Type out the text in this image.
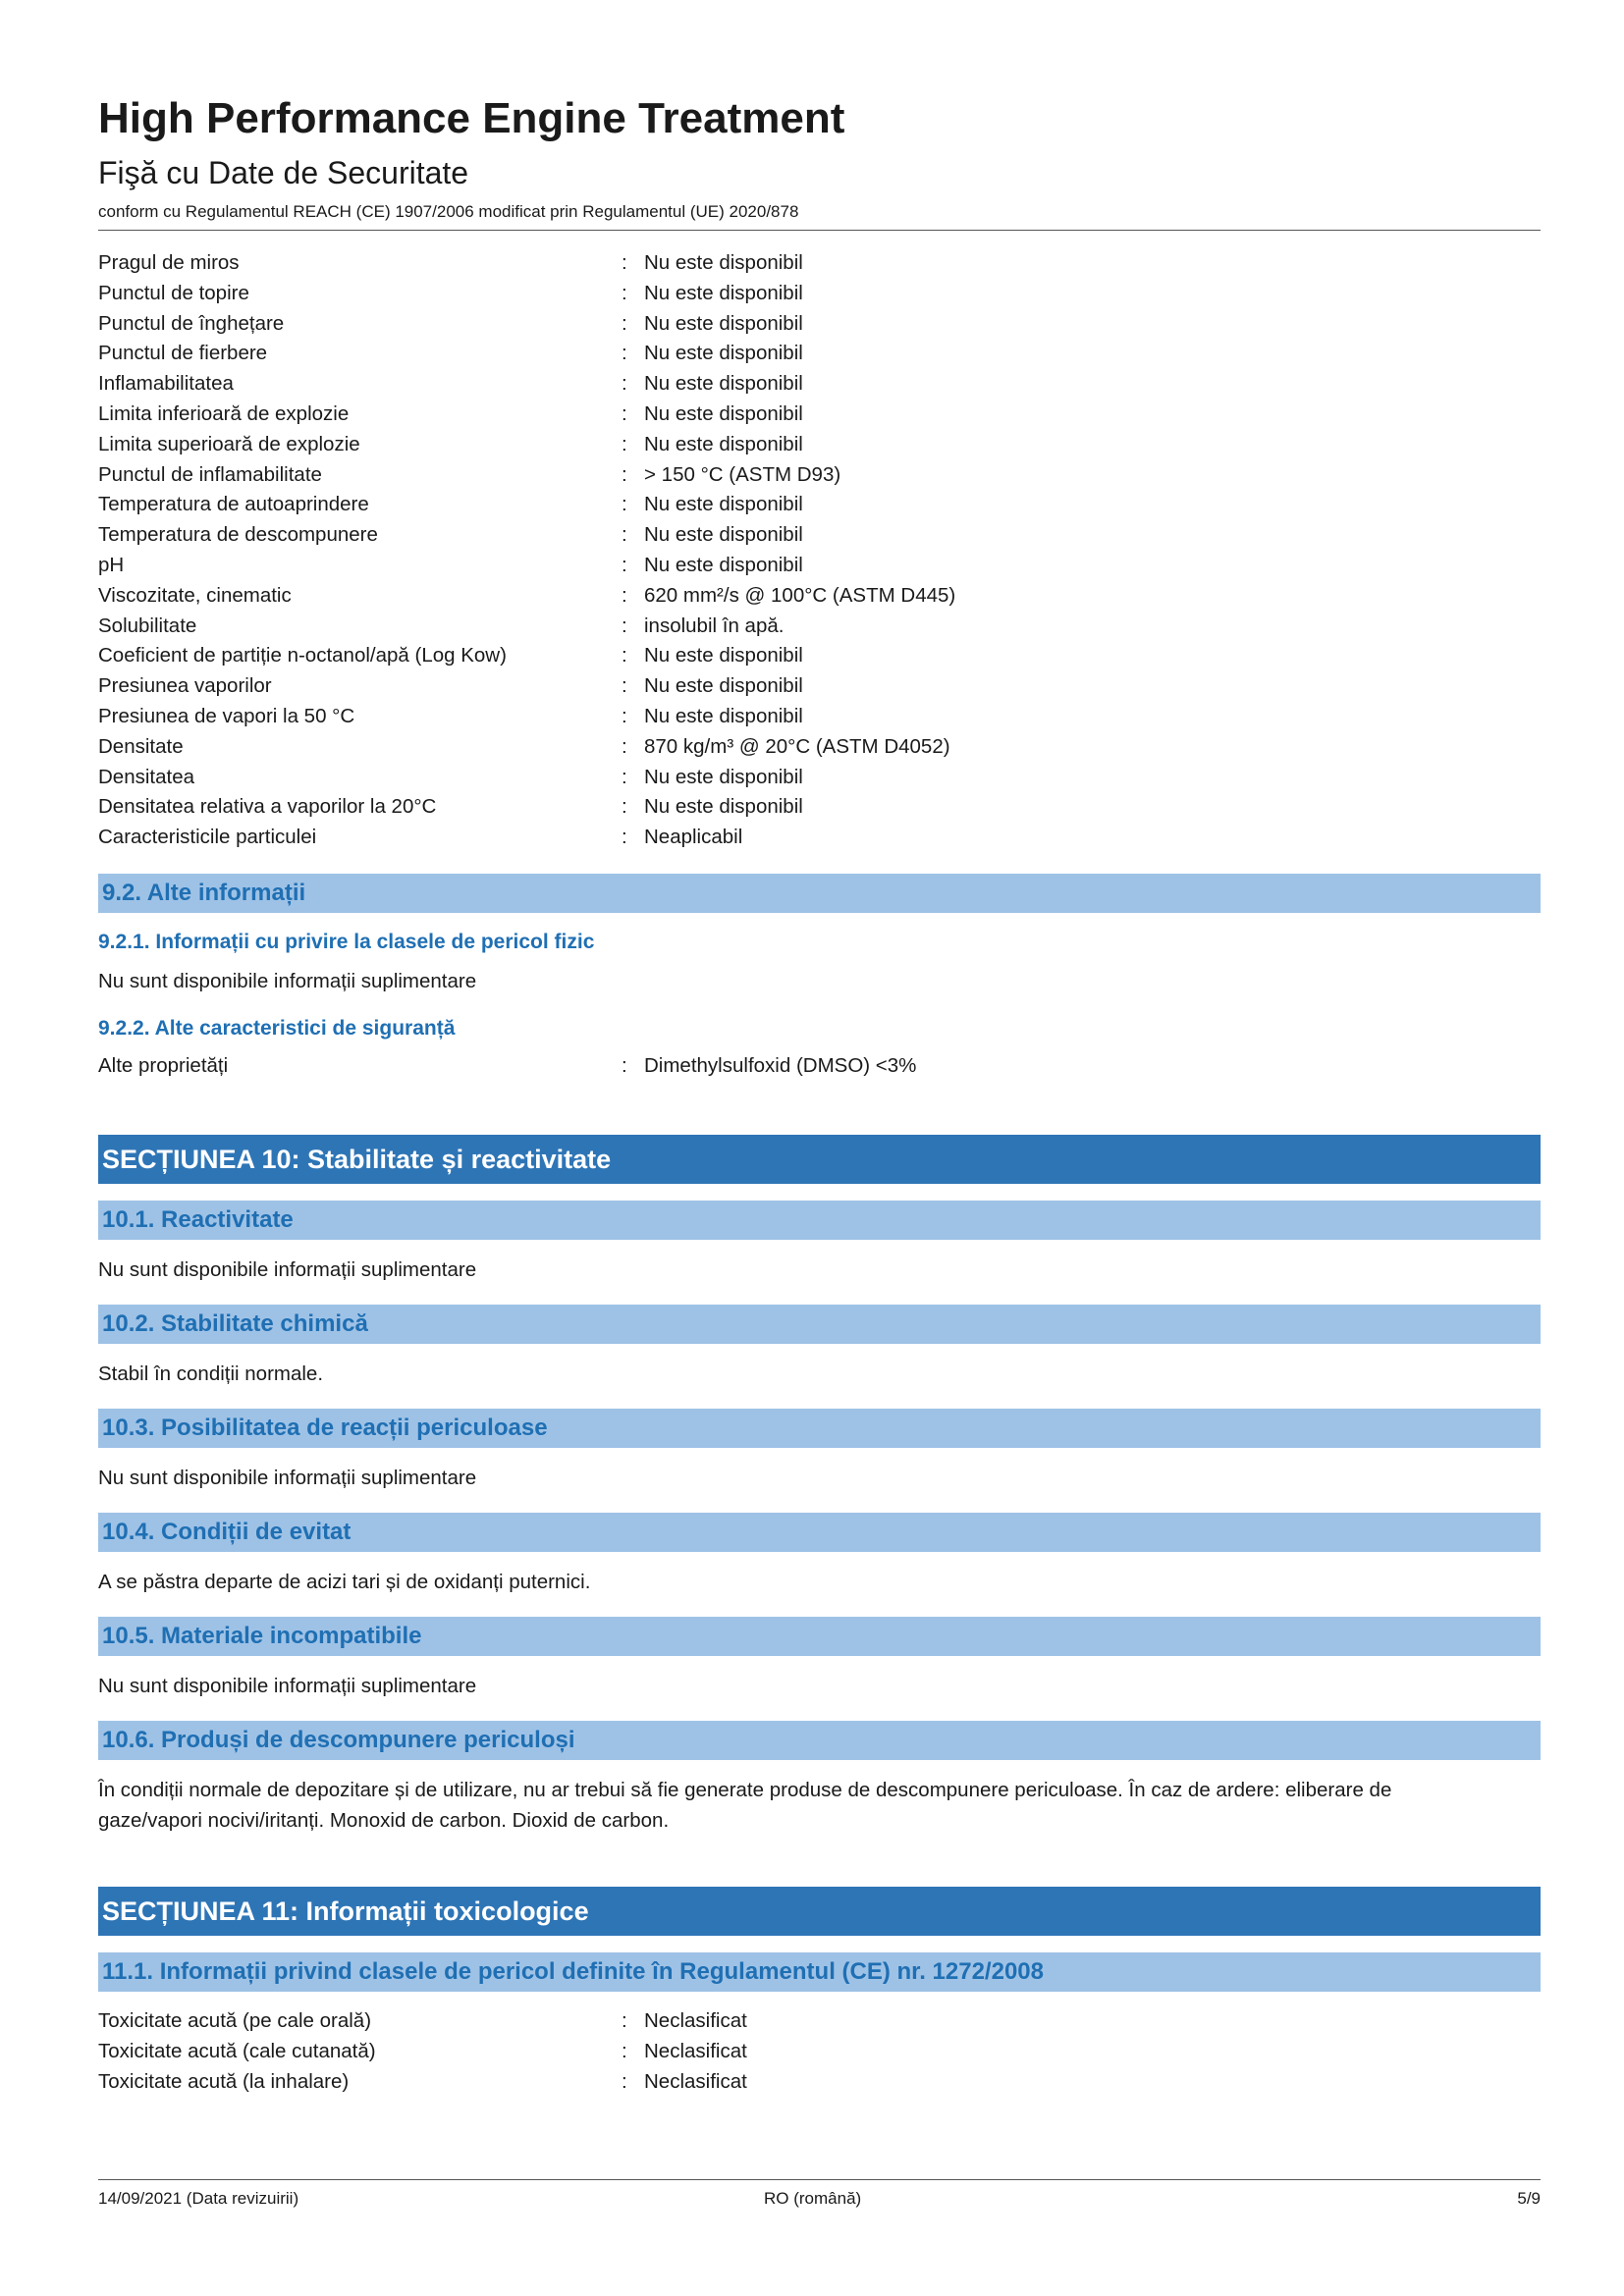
High Performance Engine Treatment
Fişă cu Date de Securitate
conform cu Regulamentul REACH (CE) 1907/2006 modificat prin Regulamentul (UE) 2020/878
Pragul de miros	: Nu este disponibil
Punctul de topire	: Nu este disponibil
Punctul de înghețare	: Nu este disponibil
Punctul de fierbere	: Nu este disponibil
Inflamabilitatea	: Nu este disponibil
Limita inferioară de explozie	: Nu este disponibil
Limita superioară de explozie	: Nu este disponibil
Punctul de inflamabilitate	: > 150 °C (ASTM D93)
Temperatura de autoaprindere	: Nu este disponibil
Temperatura de descompunere	: Nu este disponibil
pH	: Nu este disponibil
Viscozitate, cinematic	: 620 mm²/s @ 100°C (ASTM D445)
Solubilitate	: insolubil în apă.
Coeficient de partiție n-octanol/apă (Log Kow)	: Nu este disponibil
Presiunea vaporilor	: Nu este disponibil
Presiunea de vapori la 50 °C	: Nu este disponibil
Densitate	: 870 kg/m³ @ 20°C (ASTM D4052)
Densitatea	: Nu este disponibil
Densitatea relativa a vaporilor la 20°C	: Nu este disponibil
Caracteristicile particulei	: Neaplicabil
9.2. Alte informații
9.2.1. Informații cu privire la clasele de pericol fizic
Nu sunt disponibile informații suplimentare
9.2.2. Alte caracteristici de siguranță
Alte proprietăți	: Dimethylsulfoxid (DMSO) <3%
SECȚIUNEA 10: Stabilitate și reactivitate
10.1. Reactivitate
Nu sunt disponibile informații suplimentare
10.2. Stabilitate chimică
Stabil în condiții normale.
10.3. Posibilitatea de reacții periculoase
Nu sunt disponibile informații suplimentare
10.4. Condiții de evitat
A se păstra departe de acizi tari și de oxidanți puternici.
10.5. Materiale incompatibile
Nu sunt disponibile informații suplimentare
10.6. Produși de descompunere periculoși
În condiții normale de depozitare și de utilizare, nu ar trebui să fie generate produse de descompunere periculoase. În caz de ardere: eliberare de
gaze/vapori nocivi/iritanți. Monoxid de carbon. Dioxid de carbon.
SECȚIUNEA 11: Informații toxicologice
11.1. Informații privind clasele de pericol definite în Regulamentul (CE) nr. 1272/2008
Toxicitate acută (pe cale orală)	: Neclasificat
Toxicitate acută (cale cutanată)	: Neclasificat
Toxicitate acută (la inhalare)	: Neclasificat
14/09/2021 (Data revizuirii)	RO (română)	5/9
